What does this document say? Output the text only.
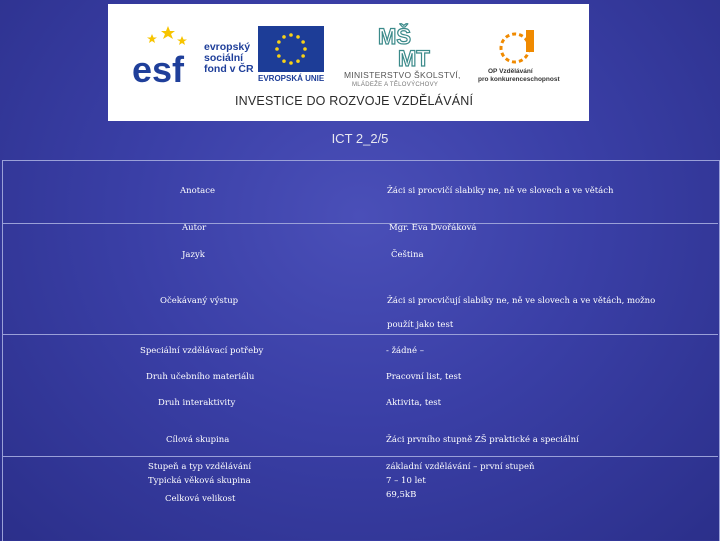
esf
evropský
sociální
fond v ČR
EVROPSKÁ UNIE
MŠ
MT
MINISTERSTVO ŠKOLSTVÍ,
MLÁDEŽE A TĚLOVÝCHOVY
OP Vzdělávání
pro konkurenceschopnost
INVESTICE DO ROZVOJE VZDĚLÁVÁNÍ
ICT 2_2/5
Anotace	Žáci si procvičí slabiky ne, ně ve slovech a ve větách
Autor	Mgr. Eva Dvořáková
Jazyk	Čeština
Očekávaný výstup	Žáci si procvičují slabiky ne, ně ve slovech a ve větách, možno
použít jako test
Speciální vzdělávací potřeby	- žádné –
Druh učebního materiálu	Pracovní list, test
Druh interaktivity	Aktivita, test
Cílová skupina	Žáci prvního stupně ZŠ praktické a speciální
Stupeň a typ vzdělávání	základní vzdělávání – první stupeň
Typická věková skupina	7 – 10 let
Celková velikost	69,5kB
